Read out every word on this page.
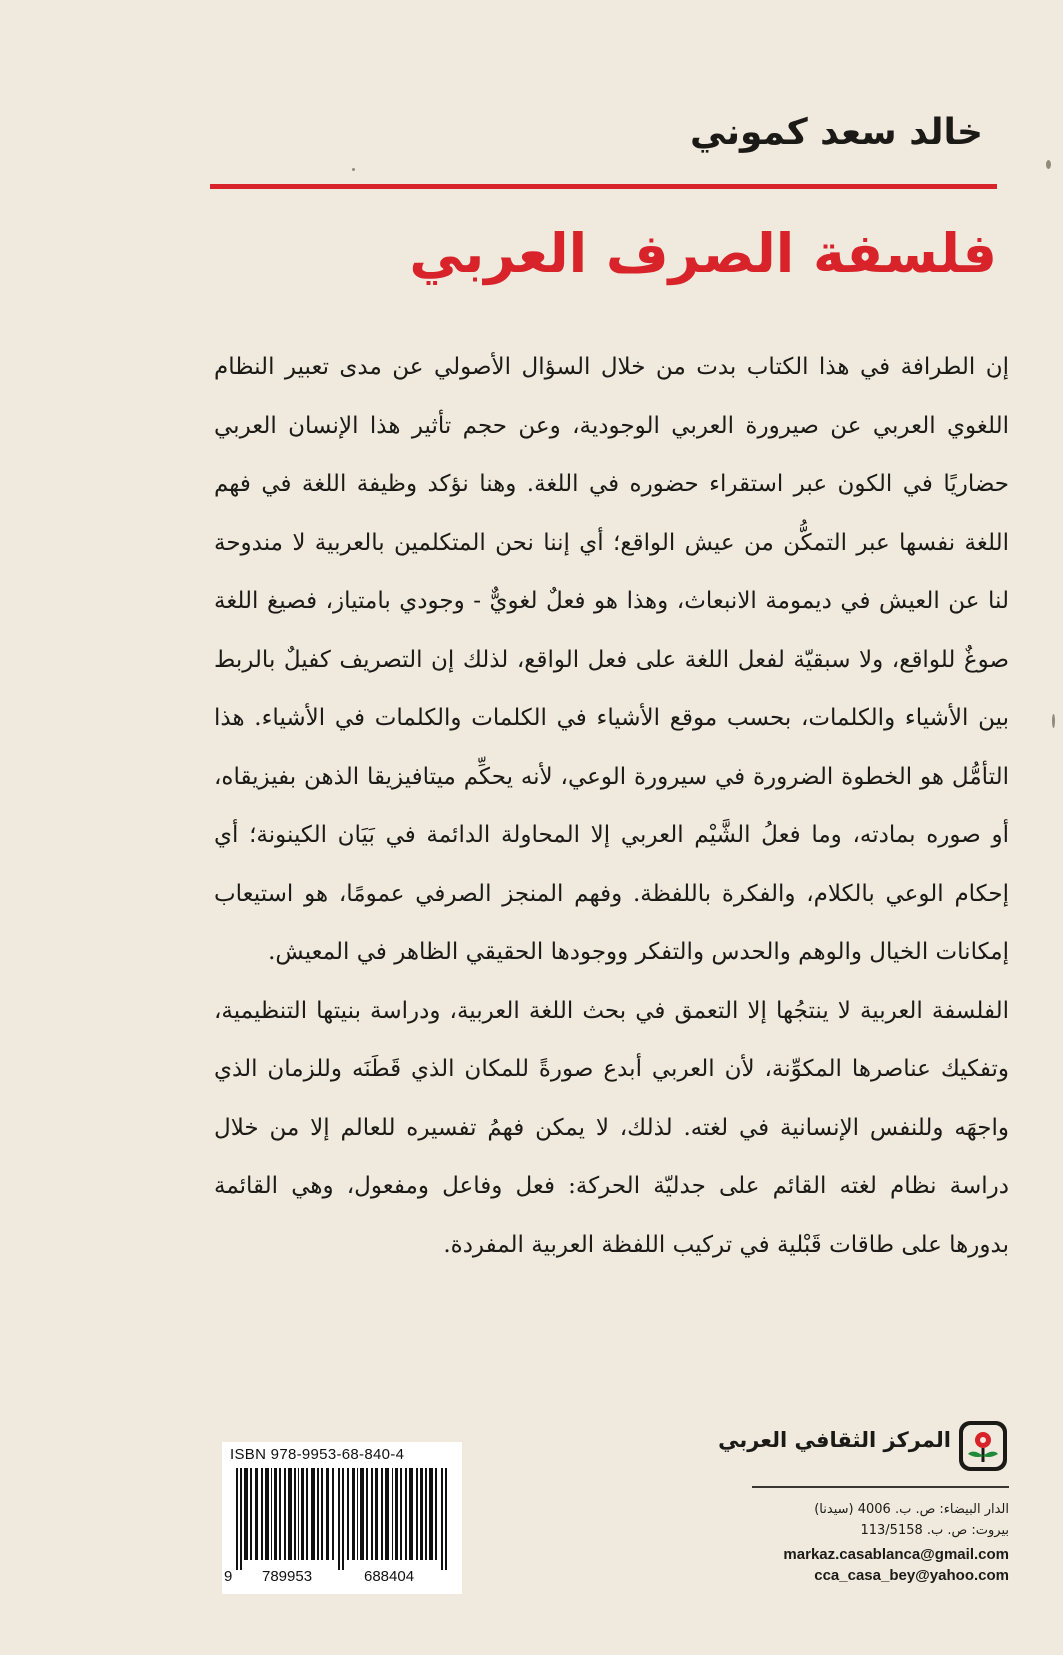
خالد سعد كموني
فلسفة الصرف العربي

إن الطرافة في هذا الكتاب بدت من خلال السؤال الأصولي عن مدى تعبير النظام اللغوي العربي عن صيرورة العربي الوجودية، وعن حجم تأثير هذا الإنسان العربي حضاريًا في الكون عبر استقراء حضوره في اللغة. وهنا نؤكد وظيفة اللغة في فهم اللغة نفسها عبر التمكُّن من عيش الواقع؛ أي إننا نحن المتكلمين بالعربية لا مندوحة لنا عن العيش في ديمومة الانبعاث، وهذا هو فعلٌ لغويٌّ - وجودي بامتياز، فصيغ اللغة صوغٌ للواقع، ولا سبقيّة لفعل اللغة على فعل الواقع، لذلك إن التصريف كفيلٌ بالربط بين الأشياء والكلمات، بحسب موقع الأشياء في الكلمات والكلمات في الأشياء. هذا التأمُّل هو الخطوة الضرورة في سيرورة الوعي، لأنه يحكِّم ميتافيزيقا الذهن بفيزيقاه، أو صوره بمادته، وما فعلُ الشَّيْم العربي إلا المحاولة الدائمة في بَيَان الكينونة؛ أي إحكام الوعي بالكلام، والفكرة باللفظة. وفهم المنجز الصرفي عمومًا، هو استيعاب إمكانات الخيال والوهم والحدس والتفكر ووجودها الحقيقي الظاهر في المعيش.

الفلسفة العربية لا ينتجُها إلا التعمق في بحث اللغة العربية، ودراسة بنيتها التنظيمية، وتفكيك عناصرها المكوِّنة، لأن العربي أبدع صورةً للمكان الذي قَطَنَه وللزمان الذي واجهَه وللنفس الإنسانية في لغته. لذلك، لا يمكن فهمُ تفسيره للعالم إلا من خلال دراسة نظام لغته القائم على جدليّة الحركة: فعل وفاعل ومفعول، وهي القائمة بدورها على طاقات قَبْلية في تركيب اللفظة العربية المفردة.

ISBN 978-9953-68-840-4
9 789953	688404
المركز الثقافي العربي
الدار البيضاء: ص. ب. 4006 (سيدنا)
بيروت: ص. ب. 113/5158
markaz.casablanca@gmail.com
cca_casa_bey@yahoo.com
